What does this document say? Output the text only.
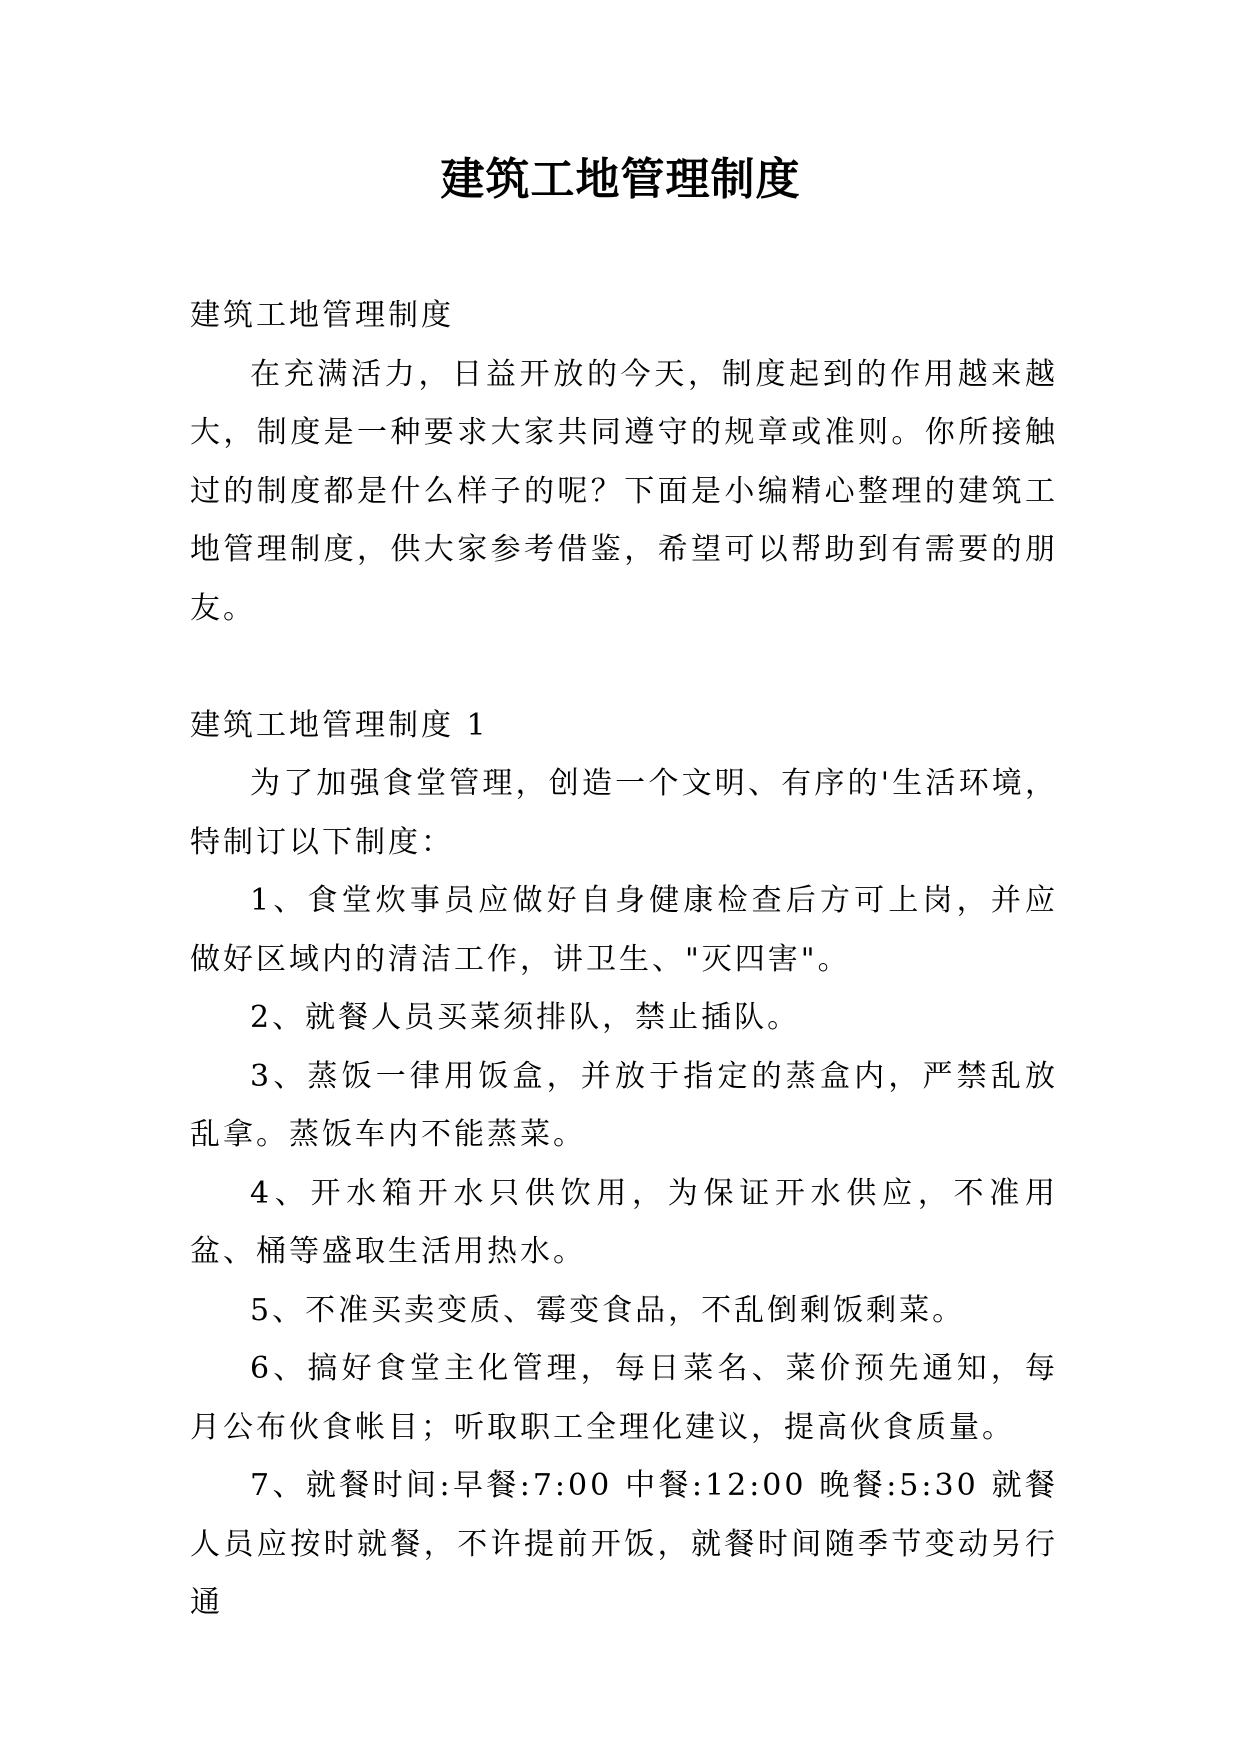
建筑工地管理制度

建筑工地管理制度

在充满活力，日益开放的今天，制度起到的作用越来越大，制度是一种要求大家共同遵守的规章或准则。你所接触过的制度都是什么样子的呢？下面是小编精心整理的建筑工地管理制度，供大家参考借鉴，希望可以帮助到有需要的朋友。

建筑工地管理制度 1

为了加强食堂管理，创造一个文明、有序的'生活环境，特制订以下制度：

1、食堂炊事员应做好自身健康检查后方可上岗，并应做好区域内的清洁工作，讲卫生、"灭四害"。

2、就餐人员买菜须排队，禁止插队。

3、蒸饭一律用饭盒，并放于指定的蒸盒内，严禁乱放乱拿。蒸饭车内不能蒸菜。

4、开水箱开水只供饮用，为保证开水供应，不准用盆、桶等盛取生活用热水。

5、不准买卖变质、霉变食品，不乱倒剩饭剩菜。

6、搞好食堂主化管理，每日菜名、菜价预先通知，每月公布伙食帐目；听取职工全理化建议，提高伙食质量。

7、就餐时间:早餐:7:00 中餐:12:00 晚餐:5:30 就餐人员应按时就餐，不许提前开饭，就餐时间随季节变动另行通
